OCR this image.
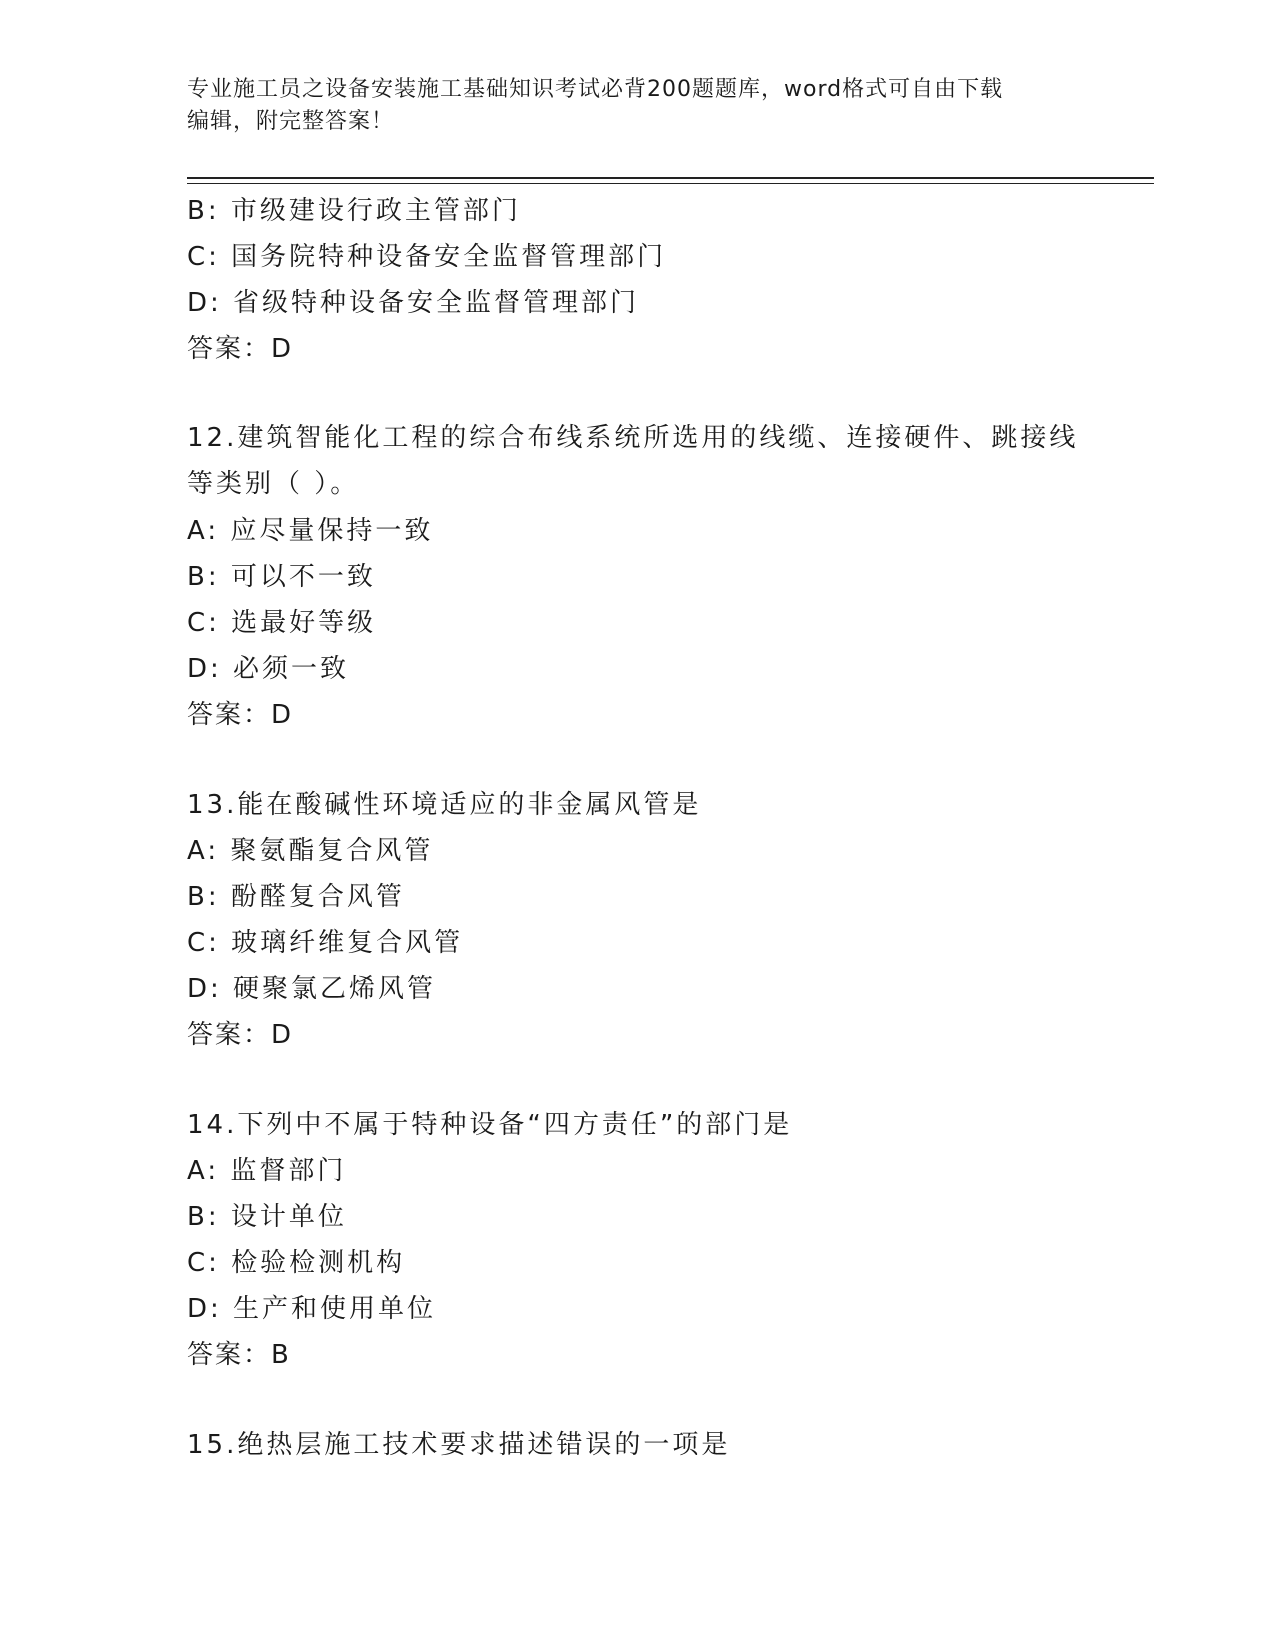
专业施工员之设备安装施工基础知识考试必背200题题库，word格式可自由下载
编辑，附完整答案！
B: 市级建设行政主管部门
C: 国务院特种设备安全监督管理部门
D: 省级特种设备安全监督管理部门
答案：D
12.建筑智能化工程的综合布线系统所选用的线缆、连接硬件、跳接线
等类别（ ）。
A: 应尽量保持一致
B: 可以不一致
C: 选最好等级
D: 必须一致
答案：D
13.能在酸碱性环境适应的非金属风管是
A: 聚氨酯复合风管
B: 酚醛复合风管
C: 玻璃纤维复合风管
D: 硬聚氯乙烯风管
答案：D
14.下列中不属于特种设备“四方责任”的部门是
A: 监督部门
B: 设计单位
C: 检验检测机构
D: 生产和使用单位
答案：B
15.绝热层施工技术要求描述错误的一项是
